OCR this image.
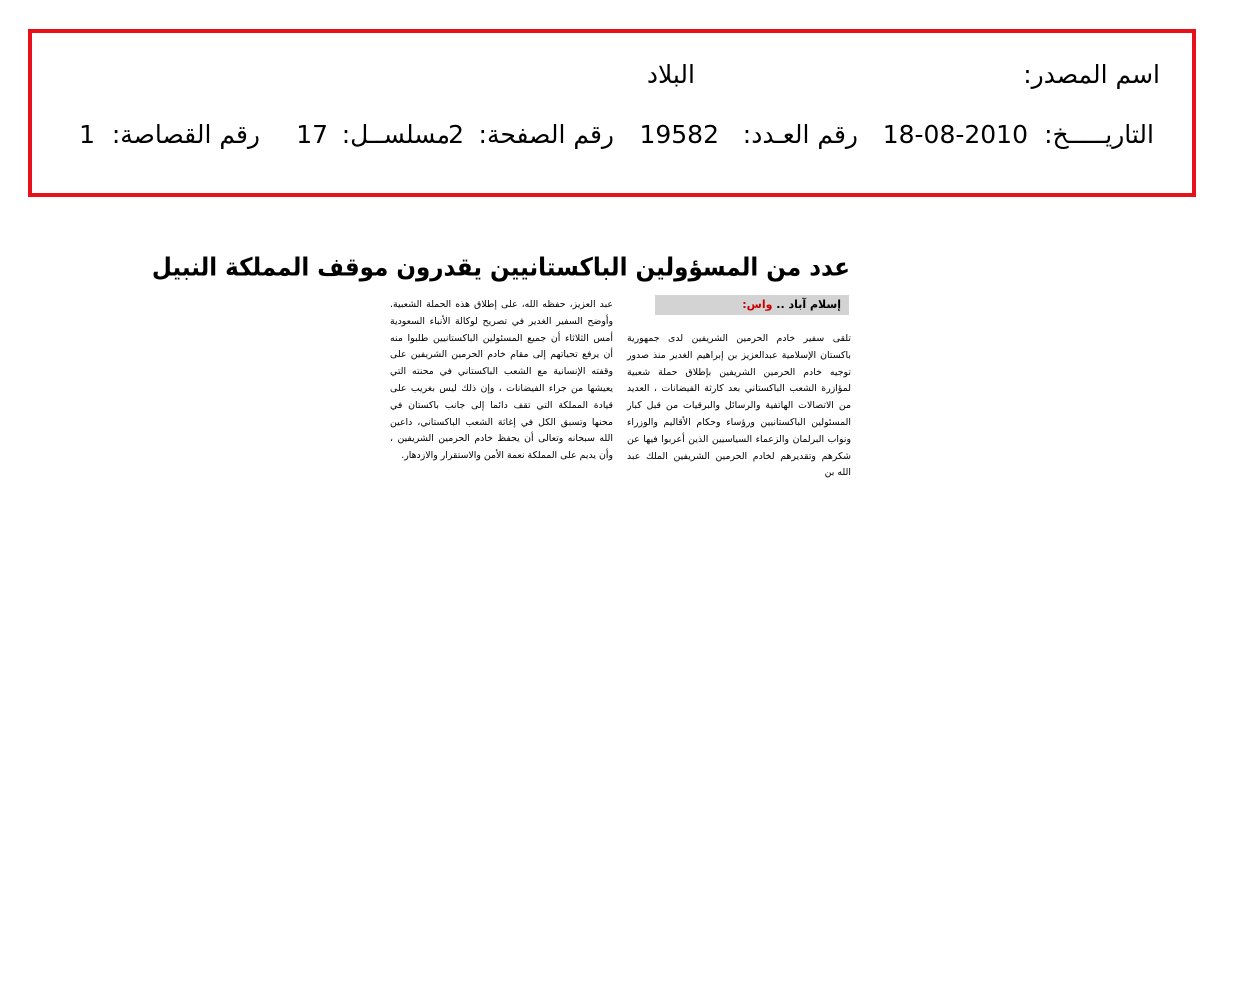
اسم المصدر:
البلاد
التاريـــــخ:
18-08-2010
رقم العـدد:
19582
رقم الصفحة:
2
مسلســل:
17
رقم القصاصة:
1
عدد من المسؤولين الباكستانيين يقدرون موقف المملكة النبيل
إسلام آباد .. واس:
تلقى سفير خادم الحرمين الشريفين لدى جمهورية باكستان الإسلامية عبدالعزيز بن إبراهيم الغدير منذ صدور توجيه خادم الحرمين الشريفين بإطلاق حملة شعبية لمؤازرة الشعب الباكستاني بعد كارثة الفيضانات ، العديد من الاتصالات الهاتفية والرسائل والبرقيات من قبل كبار المسئولين الباكستانيين ورؤساء وحكام الأقاليم والوزراء ونواب البرلمان والزعماء السياسيين الذين أعربوا فيها عن شكرهم وتقديرهم لخادم الحرمين الشريفين الملك عبد الله بن
عبد العزيز، حفظه الله، على إطلاق هذه الحملة الشعبية. وأوضح السفير الغدير في تصريح لوكالة الأنباء السعودية أمس الثلاثاء أن جميع المسئولين الباكستانيين طلبوا منه أن يرفع تحياتهم إلى مقام خادم الحرمين الشريفين على وقفته الإنسانية مع الشعب الباكستاني في محنته التي يعيشها من جراء الفيضانات ، وإن ذلك ليس بغريب على قيادة المملكة التي تقف دائما إلى جانب باكستان في محنها وتسبق الكل في إغاثة الشعب الباكستاني، داعين الله سبحانه وتعالى أن يحفظ خادم الحرمين الشريفين ، وأن يديم على المملكة نعمة الأمن والاستقرار والازدهار.
